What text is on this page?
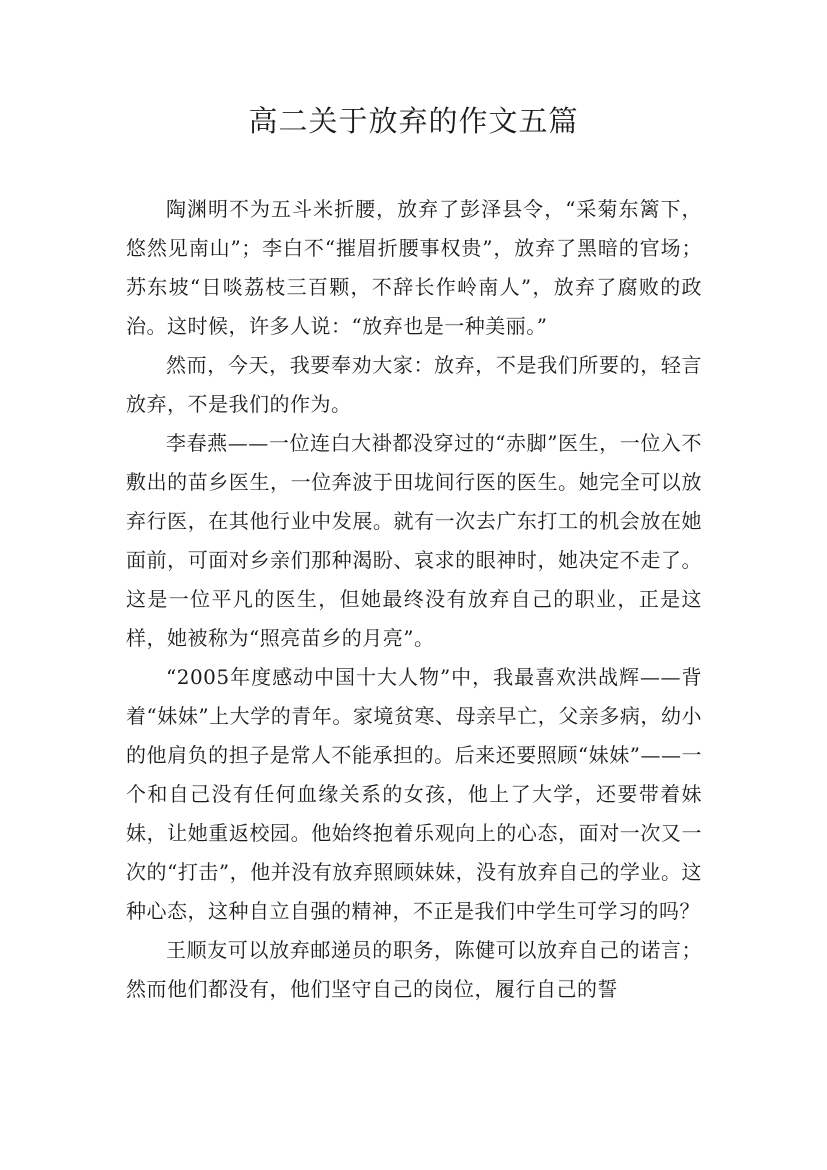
高二关于放弃的作文五篇

陶渊明不为五斗米折腰，放弃了彭泽县令，“采菊东篱下，悠然见南山”；李白不“摧眉折腰事权贵”，放弃了黑暗的官场；苏东坡“日啖荔枝三百颗，不辞长作岭南人”，放弃了腐败的政治。这时候，许多人说：“放弃也是一种美丽。”

然而，今天，我要奉劝大家：放弃，不是我们所要的，轻言放弃，不是我们的作为。

李春燕——一位连白大褂都没穿过的“赤脚”医生，一位入不敷出的苗乡医生，一位奔波于田垅间行医的医生。她完全可以放弃行医，在其他行业中发展。就有一次去广东打工的机会放在她面前，可面对乡亲们那种渴盼、哀求的眼神时，她决定不走了。这是一位平凡的医生，但她最终没有放弃自己的职业，正是这样，她被称为“照亮苗乡的月亮”。

“2005年度感动中国十大人物”中，我最喜欢洪战辉——背着“妹妹”上大学的青年。家境贫寒、母亲早亡，父亲多病，幼小的他肩负的担子是常人不能承担的。后来还要照顾“妹妹”——一个和自己没有任何血缘关系的女孩，他上了大学，还要带着妹妹，让她重返校园。他始终抱着乐观向上的心态，面对一次又一次的“打击”，他并没有放弃照顾妹妹，没有放弃自己的学业。这种心态，这种自立自强的精神，不正是我们中学生可学习的吗？

王顺友可以放弃邮递员的职务，陈健可以放弃自己的诺言；然而他们都没有，他们坚守自己的岗位，履行自己的誓
